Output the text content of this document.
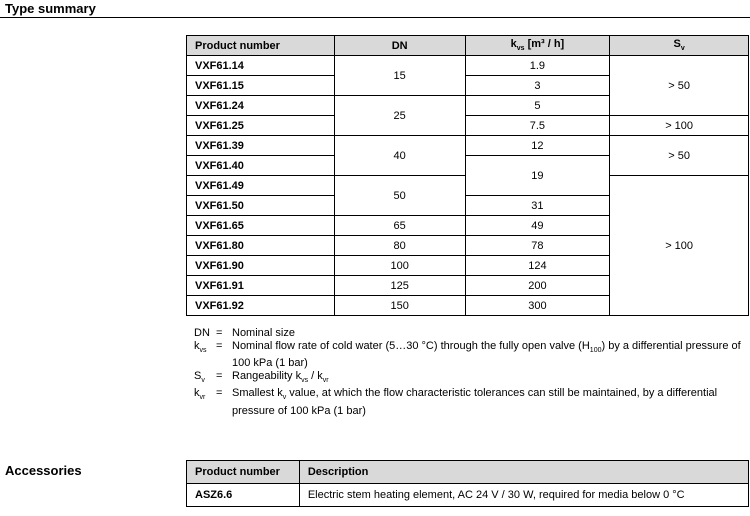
Type summary
Product number	DN	$k_{vs}$ [m³ / h]	$S_v$
VXF61.14	15	1.9	> 50
VXF61.15		3	
VXF61.24	25	5	
VXF61.25		7.5	> 100
VXF61.39	40	12	> 50
VXF61.40		19	
VXF61.49	50		> 100
VXF61.50		31	
VXF61.65	65	49	
VXF61.80	80	78	
VXF61.90	100	124	
VXF61.91	125	200	
VXF61.92	150	300	
DN = Nominal size
$k_{vs}$ = Nominal flow rate of cold water (5…30 °C) through the fully open valve $(H_{100})$ by a differential pressure of 100 kPa (1 bar)
$S_v$	= Rangeability $k_{vs} / k_{vr}$
$k_{vr}$ = Smallest $k_v$ value, at which the flow characteristic tolerances can still be maintained, by a differential pressure of 100 kPa (1 bar)
Accessories	Product number	Description
ASZ6.6	Electric stem heating element, AC 24 V / 30 W, required for media below 0 °C
